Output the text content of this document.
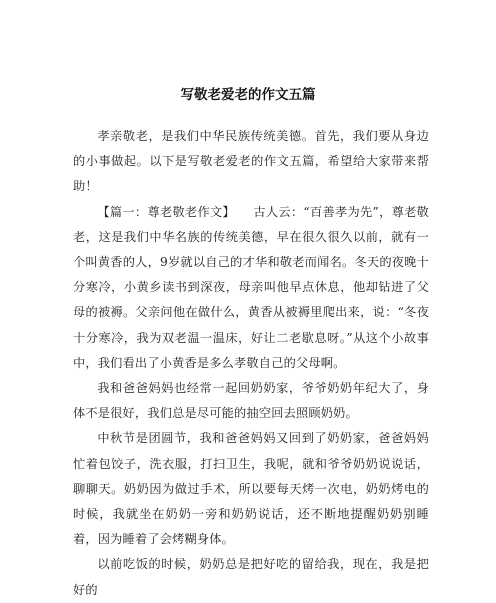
写敬老爱老的作文五篇

孝亲敬老，是我们中华民族传统美德。首先，我们要从身边的小事做起。以下是写敬老爱老的作文五篇，希望给大家带来帮助！

【篇一：尊老敬老作文】 古人云：“百善孝为先”，尊老敬老，这是我们中华名族的传统美德，早在很久很久以前，就有一个叫黄香的人，9岁就以自己的才华和敬老而闻名。冬天的夜晚十分寒冷，小黄乡读书到深夜，母亲叫他早点休息，他却钻进了父母的被褥。父亲问他在做什么，黄香从被褥里爬出来，说：“冬夜十分寒冷，我为双老温一温床，好让二老歇息呀。”从这个小故事中，我们看出了小黄香是多么孝敬自己的父母啊。

我和爸爸妈妈也经常一起回奶奶家，爷爷奶奶年纪大了，身体不是很好，我们总是尽可能的抽空回去照顾奶奶。

中秋节是团圆节，我和爸爸妈妈又回到了奶奶家，爸爸妈妈忙着包饺子，洗衣服，打扫卫生，我呢，就和爷爷奶奶说说话，聊聊天。奶奶因为做过手术，所以要每天烤一次电，奶奶烤电的时候，我就坐在奶奶一旁和奶奶说话，还不断地提醒奶奶别睡着，因为睡着了会烤糊身体。

以前吃饭的时候，奶奶总是把好吃的留给我，现在，我是把好的
